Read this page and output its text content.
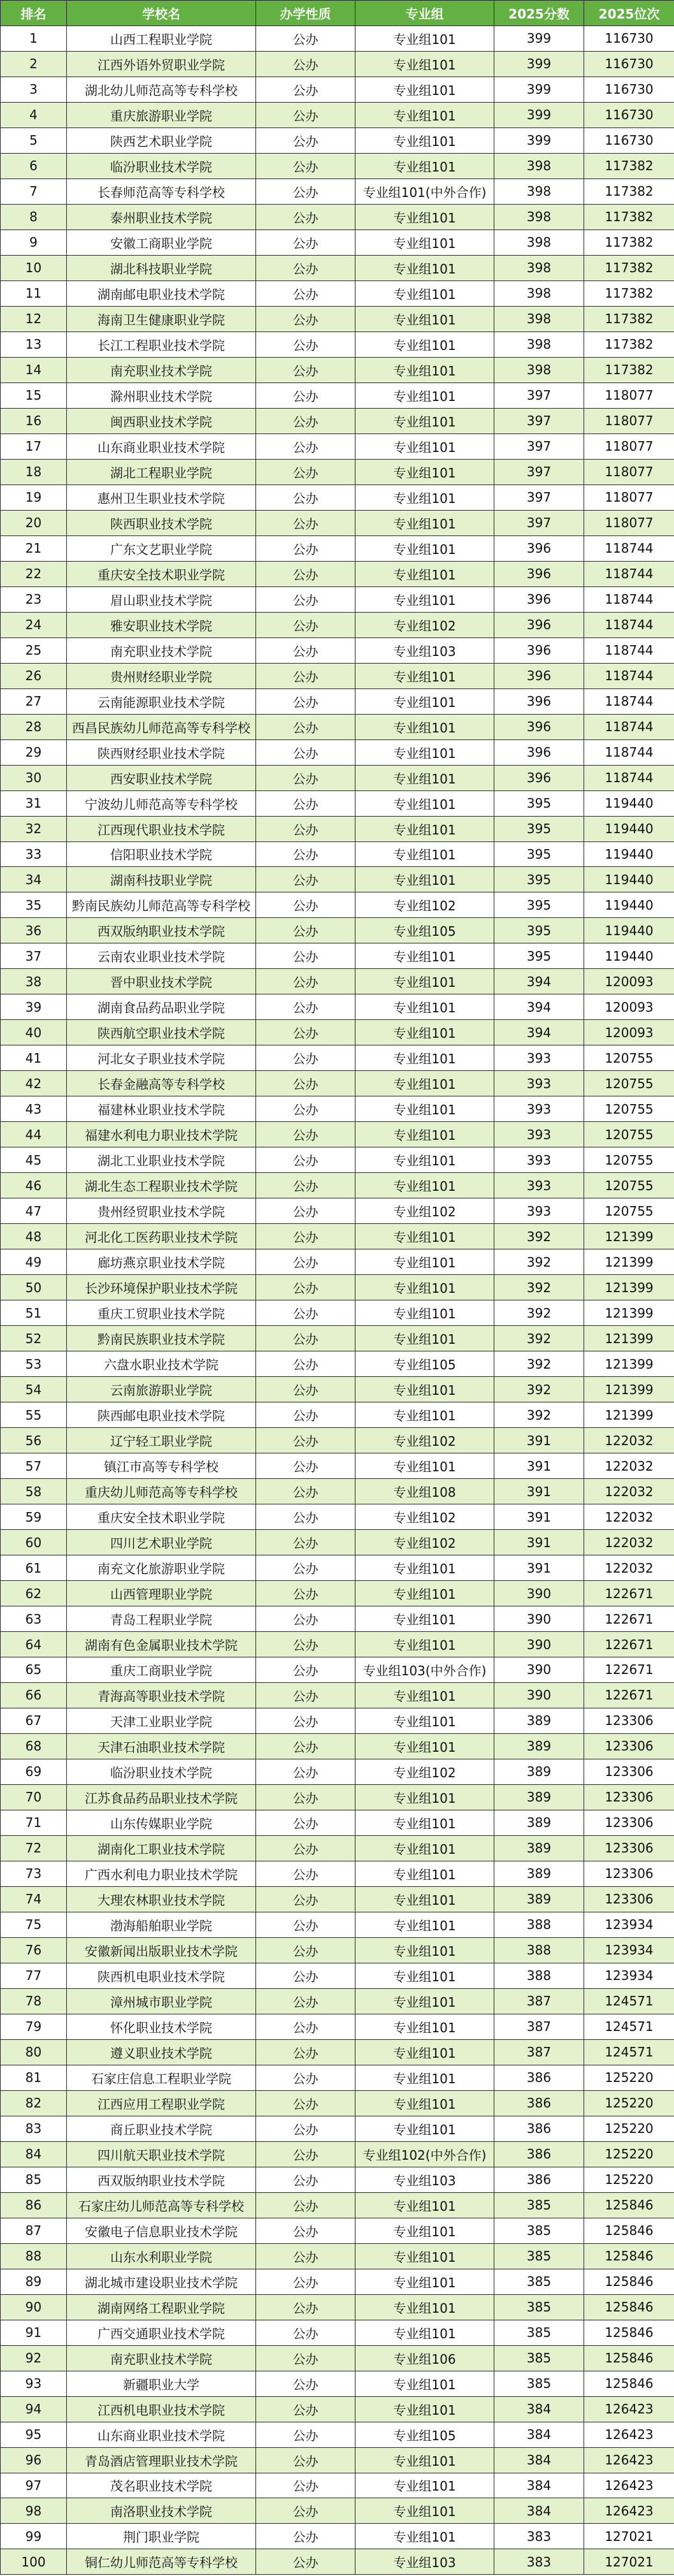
排名	学校名	办学性质	专业组	2025分数	2025位次
1	山西工程职业学院	公办	专业组101	399	116730
2	江西外语外贸职业学院	公办	专业组101	399	116730
3	湖北幼儿师范高等专科学校	公办	专业组101	399	116730
4	重庆旅游职业学院	公办	专业组101	399	116730
5	陕西艺术职业学院	公办	专业组101	399	116730
6	临汾职业技术学院	公办	专业组101	398	117382
7	长春师范高等专科学校	公办	专业组101(中外合作)	398	117382
8	泰州职业技术学院	公办	专业组101	398	117382
9	安徽工商职业学院	公办	专业组101	398	117382
10	湖北科技职业学院	公办	专业组101	398	117382
11	湖南邮电职业技术学院	公办	专业组101	398	117382
12	海南卫生健康职业学院	公办	专业组101	398	117382
13	长江工程职业技术学院	公办	专业组101	398	117382
14	南充职业技术学院	公办	专业组101	398	117382
15	滁州职业技术学院	公办	专业组101	397	118077
16	闽西职业技术学院	公办	专业组101	397	118077
17	山东商业职业技术学院	公办	专业组101	397	118077
18	湖北工程职业学院	公办	专业组101	397	118077
19	惠州卫生职业技术学院	公办	专业组101	397	118077
20	陕西职业技术学院	公办	专业组101	397	118077
21	广东文艺职业学院	公办	专业组101	396	118744
22	重庆安全技术职业学院	公办	专业组101	396	118744
23	眉山职业技术学院	公办	专业组101	396	118744
24	雅安职业技术学院	公办	专业组102	396	118744
25	南充职业技术学院	公办	专业组103	396	118744
26	贵州财经职业学院	公办	专业组101	396	118744
27	云南能源职业技术学院	公办	专业组101	396	118744
28	西昌民族幼儿师范高等专科学校	公办	专业组101	396	118744
29	陕西财经职业技术学院	公办	专业组101	396	118744
30	西安职业技术学院	公办	专业组101	396	118744
31	宁波幼儿师范高等专科学校	公办	专业组101	395	119440
32	江西现代职业技术学院	公办	专业组101	395	119440
33	信阳职业技术学院	公办	专业组101	395	119440
34	湖南科技职业学院	公办	专业组101	395	119440
35	黔南民族幼儿师范高等专科学校	公办	专业组102	395	119440
36	西双版纳职业技术学院	公办	专业组105	395	119440
37	云南农业职业技术学院	公办	专业组101	395	119440
38	晋中职业技术学院	公办	专业组101	394	120093
39	湖南食品药品职业学院	公办	专业组101	394	120093
40	陕西航空职业技术学院	公办	专业组101	394	120093
41	河北女子职业技术学院	公办	专业组101	393	120755
42	长春金融高等专科学校	公办	专业组101	393	120755
43	福建林业职业技术学院	公办	专业组101	393	120755
44	福建水利电力职业技术学院	公办	专业组101	393	120755
45	湖北工业职业技术学院	公办	专业组101	393	120755
46	湖北生态工程职业技术学院	公办	专业组101	393	120755
47	贵州经贸职业技术学院	公办	专业组102	393	120755
48	河北化工医药职业技术学院	公办	专业组101	392	121399
49	廊坊燕京职业技术学院	公办	专业组101	392	121399
50	长沙环境保护职业技术学院	公办	专业组101	392	121399
51	重庆工贸职业技术学院	公办	专业组101	392	121399
52	黔南民族职业技术学院	公办	专业组101	392	121399
53	六盘水职业技术学院	公办	专业组105	392	121399
54	云南旅游职业学院	公办	专业组101	392	121399
55	陕西邮电职业技术学院	公办	专业组101	392	121399
56	辽宁轻工职业学院	公办	专业组102	391	122032
57	镇江市高等专科学校	公办	专业组101	391	122032
58	重庆幼儿师范高等专科学校	公办	专业组108	391	122032
59	重庆安全技术职业学院	公办	专业组102	391	122032
60	四川艺术职业学院	公办	专业组102	391	122032
61	南充文化旅游职业学院	公办	专业组101	391	122032
62	山西管理职业学院	公办	专业组101	390	122671
63	青岛工程职业学院	公办	专业组101	390	122671
64	湖南有色金属职业技术学院	公办	专业组101	390	122671
65	重庆工商职业学院	公办	专业组103(中外合作)	390	122671
66	青海高等职业技术学院	公办	专业组101	390	122671
67	天津工业职业学院	公办	专业组101	389	123306
68	天津石油职业技术学院	公办	专业组101	389	123306
69	临汾职业技术学院	公办	专业组102	389	123306
70	江苏食品药品职业技术学院	公办	专业组101	389	123306
71	山东传媒职业学院	公办	专业组101	389	123306
72	湖南化工职业技术学院	公办	专业组101	389	123306
73	广西水利电力职业技术学院	公办	专业组101	389	123306
74	大理农林职业技术学院	公办	专业组101	389	123306
75	渤海船舶职业学院	公办	专业组101	388	123934
76	安徽新闻出版职业技术学院	公办	专业组101	388	123934
77	陕西机电职业技术学院	公办	专业组101	388	123934
78	漳州城市职业学院	公办	专业组101	387	124571
79	怀化职业技术学院	公办	专业组101	387	124571
80	遵义职业技术学院	公办	专业组101	387	124571
81	石家庄信息工程职业学院	公办	专业组101	386	125220
82	江西应用工程职业学院	公办	专业组101	386	125220
83	商丘职业技术学院	公办	专业组101	386	125220
84	四川航天职业技术学院	公办	专业组102(中外合作)	386	125220
85	西双版纳职业技术学院	公办	专业组103	386	125220
86	石家庄幼儿师范高等专科学校	公办	专业组101	385	125846
87	安徽电子信息职业技术学院	公办	专业组101	385	125846
88	山东水利职业学院	公办	专业组101	385	125846
89	湖北城市建设职业技术学院	公办	专业组101	385	125846
90	湖南网络工程职业学院	公办	专业组101	385	125846
91	广西交通职业技术学院	公办	专业组101	385	125846
92	南充职业技术学院	公办	专业组106	385	125846
93	新疆职业大学	公办	专业组101	385	125846
94	江西机电职业技术学院	公办	专业组101	384	126423
95	山东商业职业技术学院	公办	专业组105	384	126423
96	青岛酒店管理职业技术学院	公办	专业组101	384	126423
97	茂名职业技术学院	公办	专业组101	384	126423
98	南洛职业技术学院	公办	专业组101	384	126423
99	荆门职业学院	公办	专业组101	383	127021
100	铜仁幼儿师范高等专科学校	公办	专业组103	383	127021
